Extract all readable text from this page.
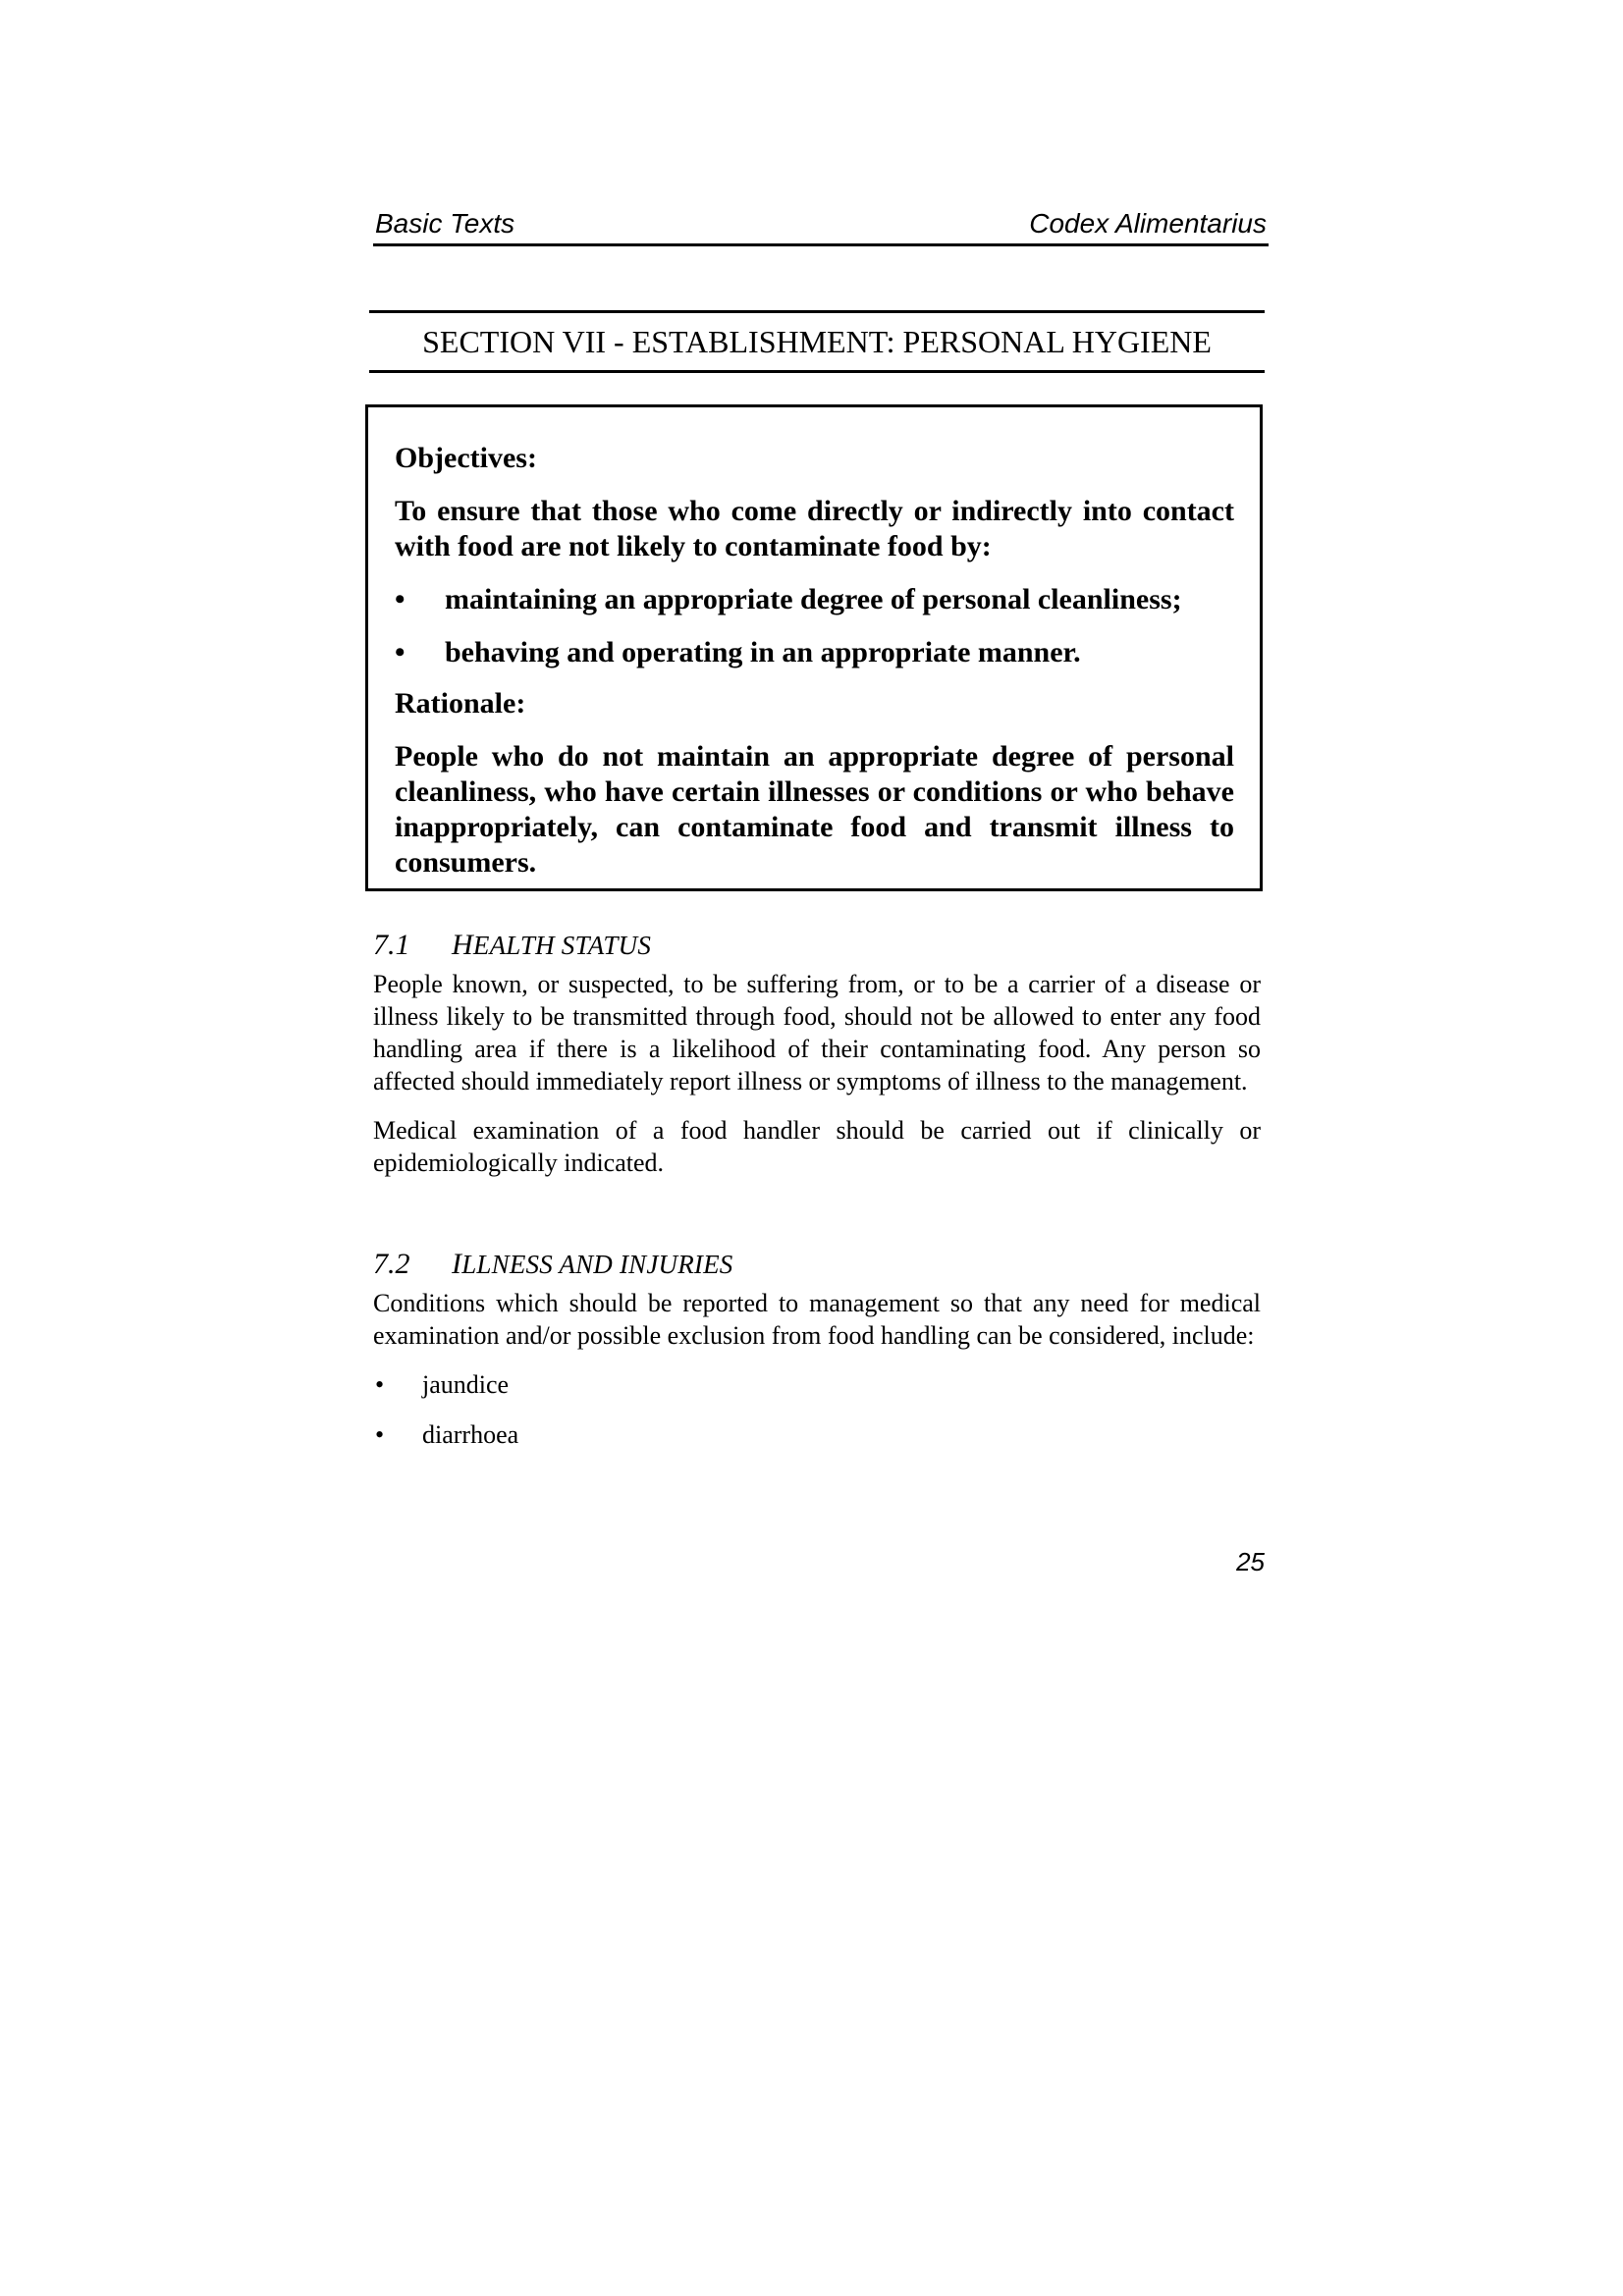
Basic Texts	Codex Alimentarius
SECTION VII - ESTABLISHMENT: PERSONAL HYGIENE
Objectives:

To ensure that those who come directly or indirectly into contact with food are not likely to contaminate food by:

• maintaining an appropriate degree of personal cleanliness;
• behaving and operating in an appropriate manner.
Rationale:

People who do not maintain an appropriate degree of personal cleanliness, who have certain illnesses or conditions or who behave inappropriately, can contaminate food and transmit illness to consumers.

7.1	HEALTH STATUS

People known, or suspected, to be suffering from, or to be a carrier of a disease or illness likely to be transmitted through food, should not be allowed to enter any food handling area if there is a likelihood of their contaminating food. Any person so affected should immediately report illness or symptoms of illness to the management.

Medical examination of a food handler should be carried out if clinically or epidemiologically indicated.

7.2	ILLNESS AND INJURIES

Conditions which should be reported to management so that any need for medical examination and/or possible exclusion from food handling can be considered, include:

• jaundice
• diarrhoea
25
